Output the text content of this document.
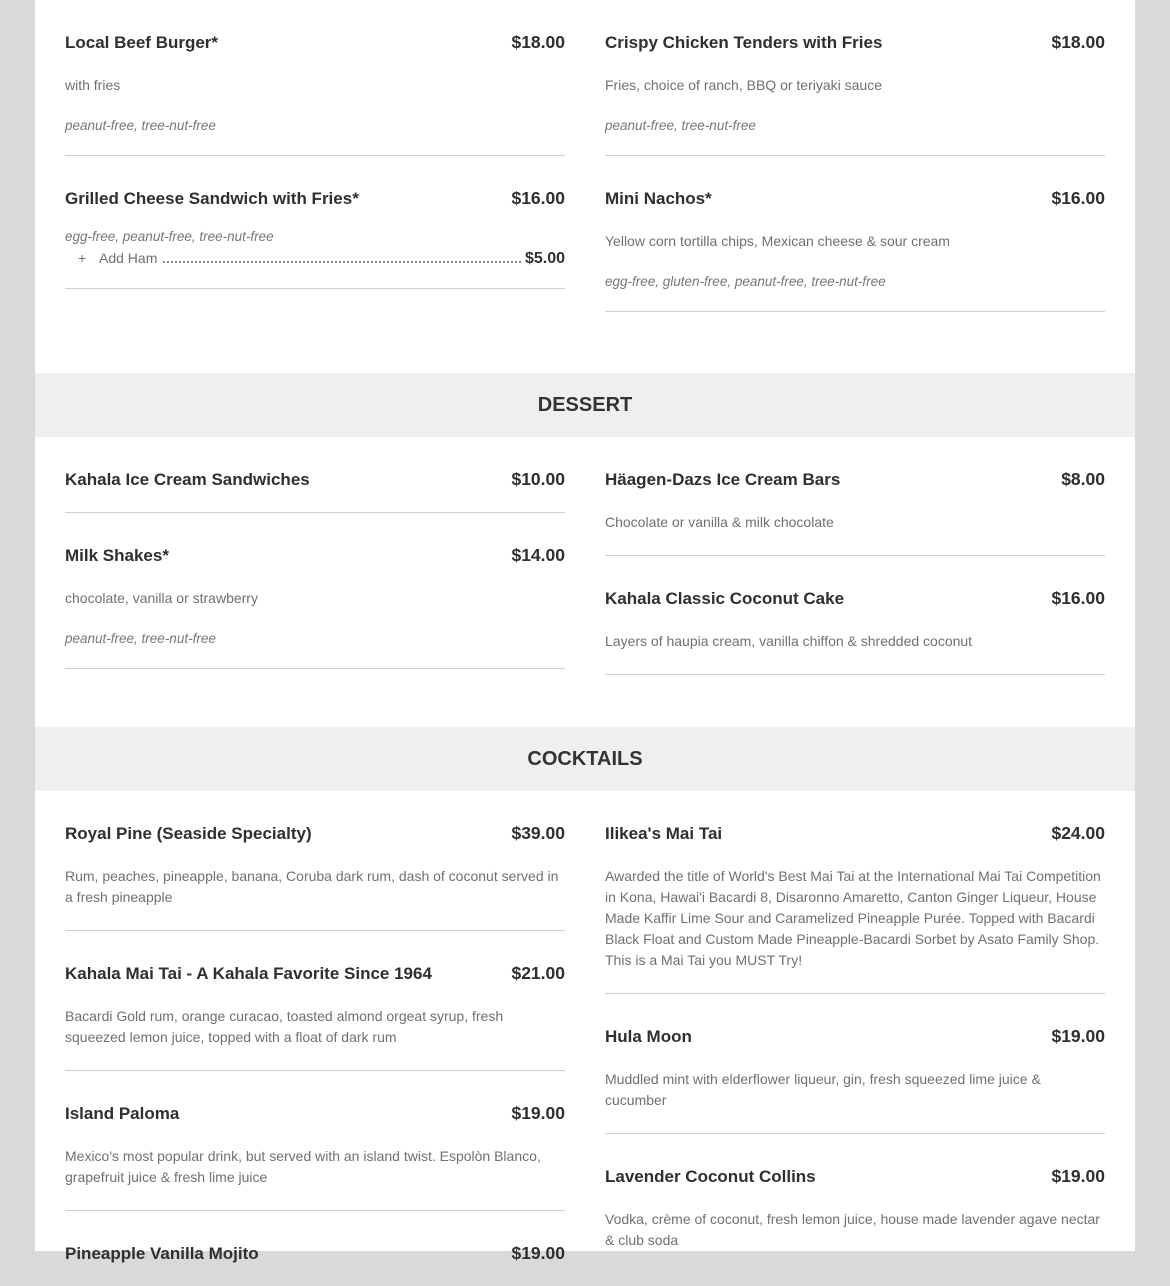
Local Beef Burger*	$18.00
with fries
peanut-free, tree-nut-free
Grilled Cheese Sandwich with Fries*	$16.00
egg-free, peanut-free, tree-nut-free
+ Add Ham	$5.00
Crispy Chicken Tenders with Fries	$18.00
Fries, choice of ranch, BBQ or teriyaki sauce
peanut-free, tree-nut-free
Mini Nachos*	$16.00
Yellow corn tortilla chips, Mexican cheese & sour cream
egg-free, gluten-free, peanut-free, tree-nut-free
DESSERT
Kahala Ice Cream Sandwiches	$10.00
Milk Shakes*	$14.00
chocolate, vanilla or strawberry
peanut-free, tree-nut-free
Häagen-Dazs Ice Cream Bars	$8.00
Chocolate or vanilla & milk chocolate
Kahala Classic Coconut Cake	$16.00
Layers of haupia cream, vanilla chiffon & shredded coconut
COCKTAILS
Royal Pine (Seaside Specialty)	$39.00
Rum, peaches, pineapple, banana, Coruba dark rum, dash of coconut served in a fresh pineapple
Kahala Mai Tai - A Kahala Favorite Since 1964	$21.00
Bacardi Gold rum, orange curacao, toasted almond orgeat syrup, fresh squeezed lemon juice, topped with a float of dark rum
Island Paloma	$19.00
Mexico's most popular drink, but served with an island twist. Espolòn Blanco, grapefruit juice & fresh lime juice
Pineapple Vanilla Mojito	$19.00
Ilikea's Mai Tai	$24.00
Awarded the title of World's Best Mai Tai at the International Mai Tai Competition in Kona, Hawai'i Bacardi 8, Disaronno Amaretto, Canton Ginger Liqueur, House Made Kaffir Lime Sour and Caramelized Pineapple Purée. Topped with Bacardi Black Float and Custom Made Pineapple-Bacardi Sorbet by Asato Family Shop. This is a Mai Tai you MUST Try!
Hula Moon	$19.00
Muddled mint with elderflower liqueur, gin, fresh squeezed lime juice & cucumber
Lavender Coconut Collins	$19.00
Vodka, crème of coconut, fresh lemon juice, house made lavender agave nectar & club soda
